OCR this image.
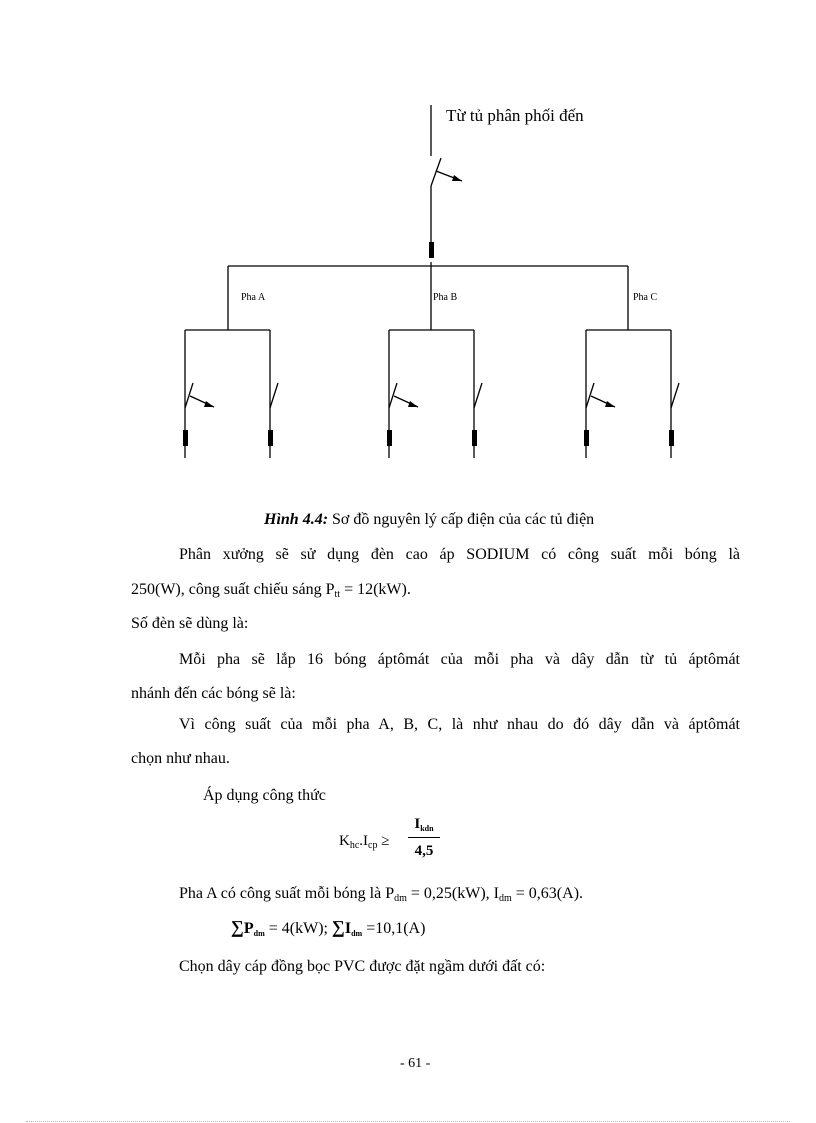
Từ tủ phân phối đến
Pha A	Pha B	Pha C
Hình 4.4: Sơ đồ nguyên lý cấp điện của các tủ điện
Phân xưởng sẽ sử dụng đèn cao áp SODIUM có công suất mỗi bóng là
250(W), công suất chiếu sáng $P_{tt} = 12(kW)$.
Số đèn sẽ dùng là:
Mỗi pha sẽ lắp 16 bóng áptômát của mỗi pha và dây dẫn từ tủ áptômát
nhánh đến các bóng sẽ là:
Vì công suất của mỗi pha A, B, C, là như nhau do đó dây dẫn và áptômát
chọn như nhau.
Áp dụng công thức
$K_{hc}.I_{cp}$ ≥
$I_{kdn}$
4,5
Pha A có công suất mỗi bóng là $P_{dm} = 0,25(kW)$, $I_{dm} = 0,63(A)$.
$\sum P_{dm} = 4(kW)$; $\sum I_{dm} =10,1(A)$
Chọn dây cáp đồng bọc PVC được đặt ngầm dưới đất có:
- 61 -
